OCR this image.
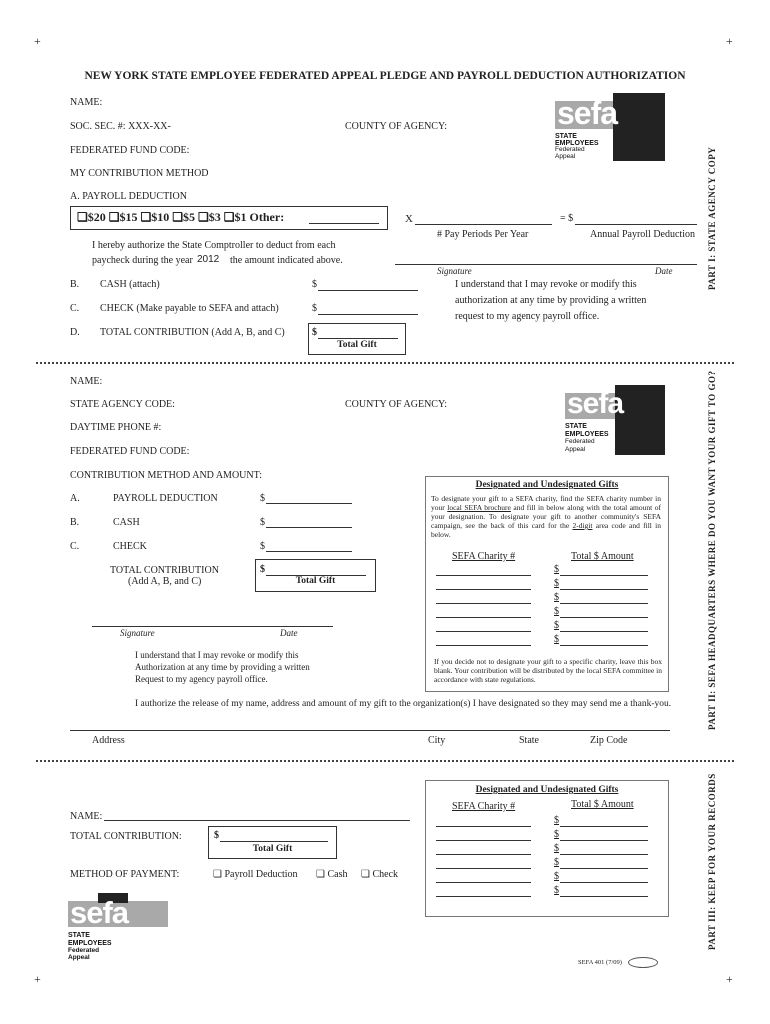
+	+
+	+
NEW YORK STATE EMPLOYEE FEDERATED APPEAL PLEDGE AND PAYROLL DEDUCTION AUTHORIZATION
sefa
STATE
EMPLOYEES
Federated
Appeal	PART I: STATE AGENCY COPY
NAME:
SOC. SEC. #: XXX-XX-	COUNTY OF AGENCY:
FEDERATED FUND CODE:
MY CONTRIBUTION METHOD
A. PAYROLL DEDUCTION
❏$20 ❏$15 ❏$10 ❏$5 ❏$3 ❏$1 Other:	X	= $
# Pay Periods Per Year	Annual Payroll Deduction
I hereby authorize the State Comptroller to deduct from each
paycheck during the year 2012 the amount indicated above.
Signature	Date
I understand that I may revoke or modify this
authorization at any time by providing a written
request to my agency payroll office.
B. CASH (attach)	$
C. CHECK (Make payable to SEFA and attach)	$
D. TOTAL CONTRIBUTION (Add A, B, and C)	$
Total Gift
sefa
STATE
EMPLOYEES
Federated
Appeal	PART II: SEFA HEADQUARTERS WHERE DO YOU WANT YOUR GIFT TO GO?
NAME:
STATE AGENCY CODE:	COUNTY OF AGENCY:
DAYTIME PHONE #:
FEDERATED FUND CODE:
CONTRIBUTION METHOD AND AMOUNT:
A.	PAYROLL DEDUCTION	$
B.	CASH	$
C.	CHECK	$
TOTAL CONTRIBUTION
(Add A, B, and C)
$
Total Gift
Signature	Date
I understand that I may revoke or modify this
Authorization at any time by providing a written
Request to my agency payroll office.
Designated and Undesignated Gifts
To designate your gift to a SEFA charity, find the SEFA charity number in your local SEFA brochure and fill in below along with the total amount of your designation. To designate your gift to another community's SEFA campaign, see the back of this card for the 2-digit area code and fill in below.
SEFA Charity #	Total $ Amount
$
$
$
$
$
$
If you decide not to designate your gift to a specific charity, leave this box blank. Your contribution will be distributed by the local SEFA committee in accordance with state regulations.
I authorize the release of my name, address and amount of my gift to the organization(s) I have designated so they may send me a thank-you.
Address	City	State	Zip Code
PART III: KEEP FOR YOUR RECORDS
Designated and Undesignated Gifts
SEFA Charity #	Total $ Amount
$
$
$
$
$
$
NAME:
TOTAL CONTRIBUTION:	$
Total Gift
METHOD OF PAYMENT:	❏ Payroll Deduction ❏ Cash ❏ Check
sefa
STATE
EMPLOYEES
Federated
Appeal
SEFA 401 (7/09)
